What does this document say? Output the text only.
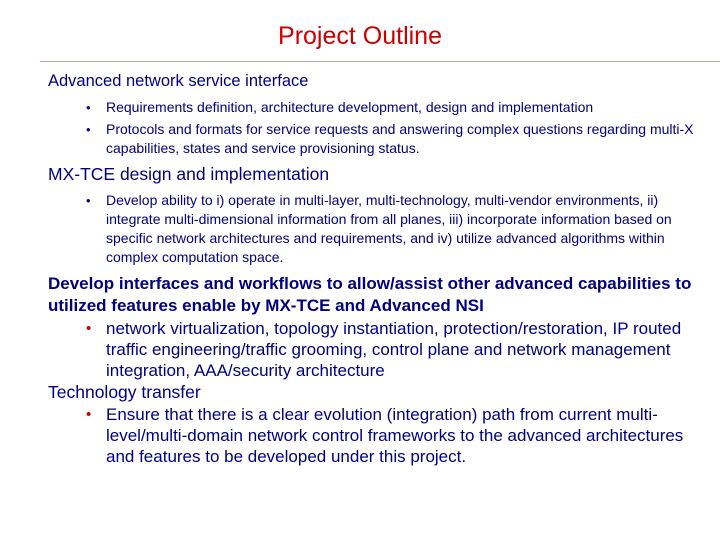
Project Outline
Advanced network service interface
• Requirements definition, architecture development, design and implementation
• Protocols and formats for service requests and answering complex questions regarding multi-X capabilities, states and service provisioning status.
MX-TCE design and implementation
• Develop ability to i) operate in multi-layer, multi-technology, multi-vendor environments, ii) integrate multi-dimensional information from all planes, iii) incorporate information based on specific network architectures and requirements, and iv) utilize advanced algorithms within complex computation space.
Develop interfaces and workflows to allow/assist other advanced capabilities to utilized features enable by MX-TCE and Advanced NSI
• network virtualization, topology instantiation, protection/restoration, IP routed traffic engineering/traffic grooming, control plane and network management integration, AAA/security architecture
Technology transfer
• Ensure that there is a clear evolution (integration) path from current multi-level/multi-domain network control frameworks to the advanced architectures and features to be developed under this project.
